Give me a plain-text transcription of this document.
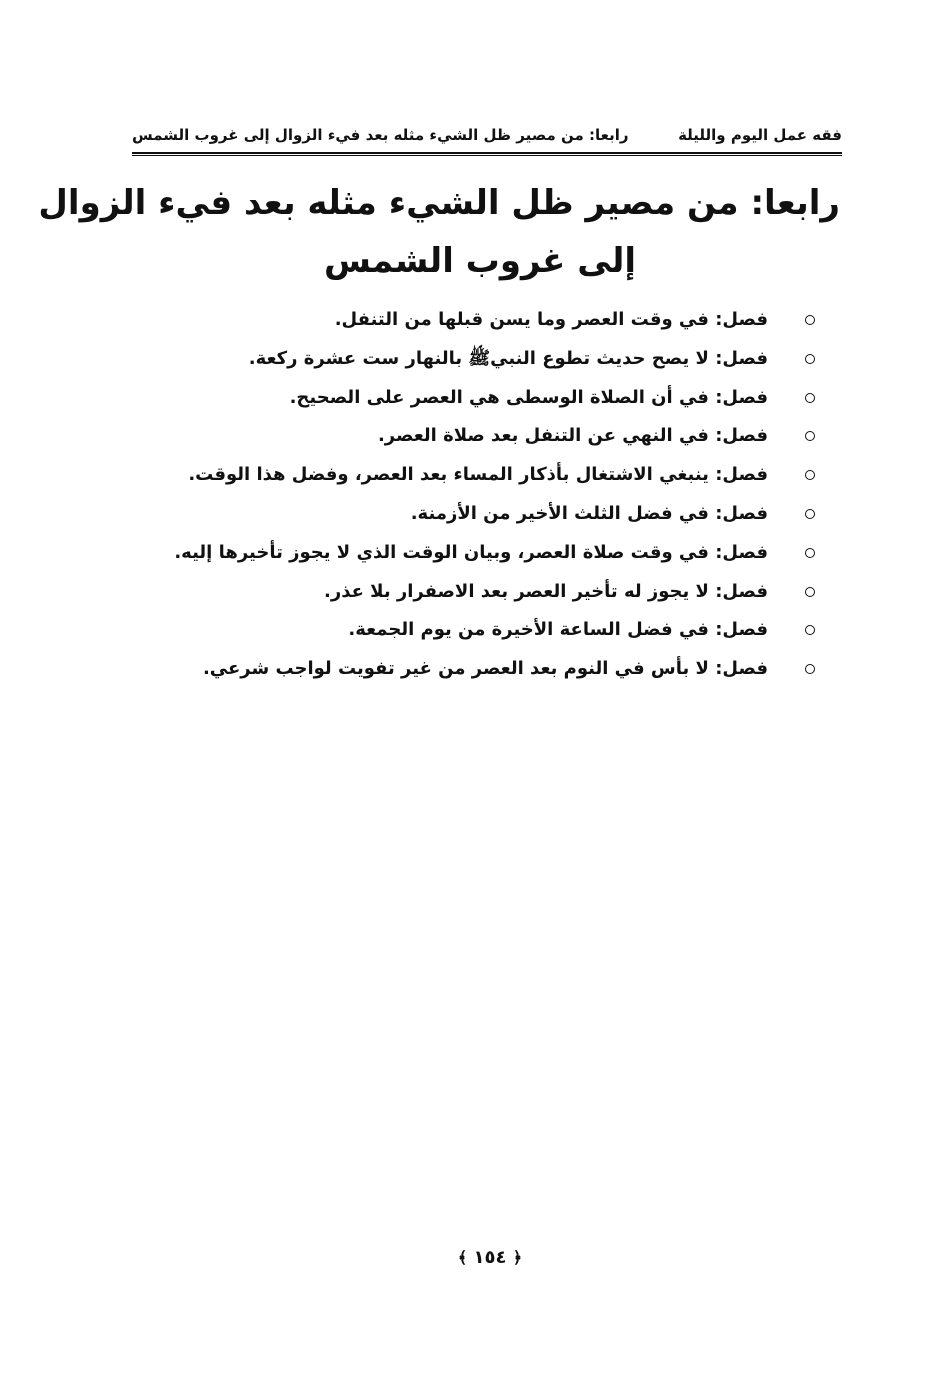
فقه عمل اليوم والليلة
رابعا: من مصير ظل الشيء مثله بعد فيء الزوال إلى غروب الشمس
رابعا: من مصير ظل الشيء مثله بعد فيء الزوال
إلى غروب الشمس
فصل: في وقت العصر وما يسن قبلها من التنفل.
فصل: لا يصح حديث تطوع النبيﷺ بالنهار ست عشرة ركعة.
فصل: في أن الصلاة الوسطى هي العصر على الصحيح.
فصل: في النهي عن التنفل بعد صلاة العصر.
فصل: ينبغي الاشتغال بأذكار المساء بعد العصر، وفضل هذا الوقت.
فصل: في فضل الثلث الأخير من الأزمنة.
فصل: في وقت صلاة العصر، وبيان الوقت الذي لا يجوز تأخيرها إليه.
فصل: لا يجوز له تأخير العصر بعد الاصفرار بلا عذر.
فصل: في فضل الساعة الأخيرة من يوم الجمعة.
فصل: لا بأس في النوم بعد العصر من غير تفويت لواجب شرعي.
﴿ ١٥٤ ﴾
